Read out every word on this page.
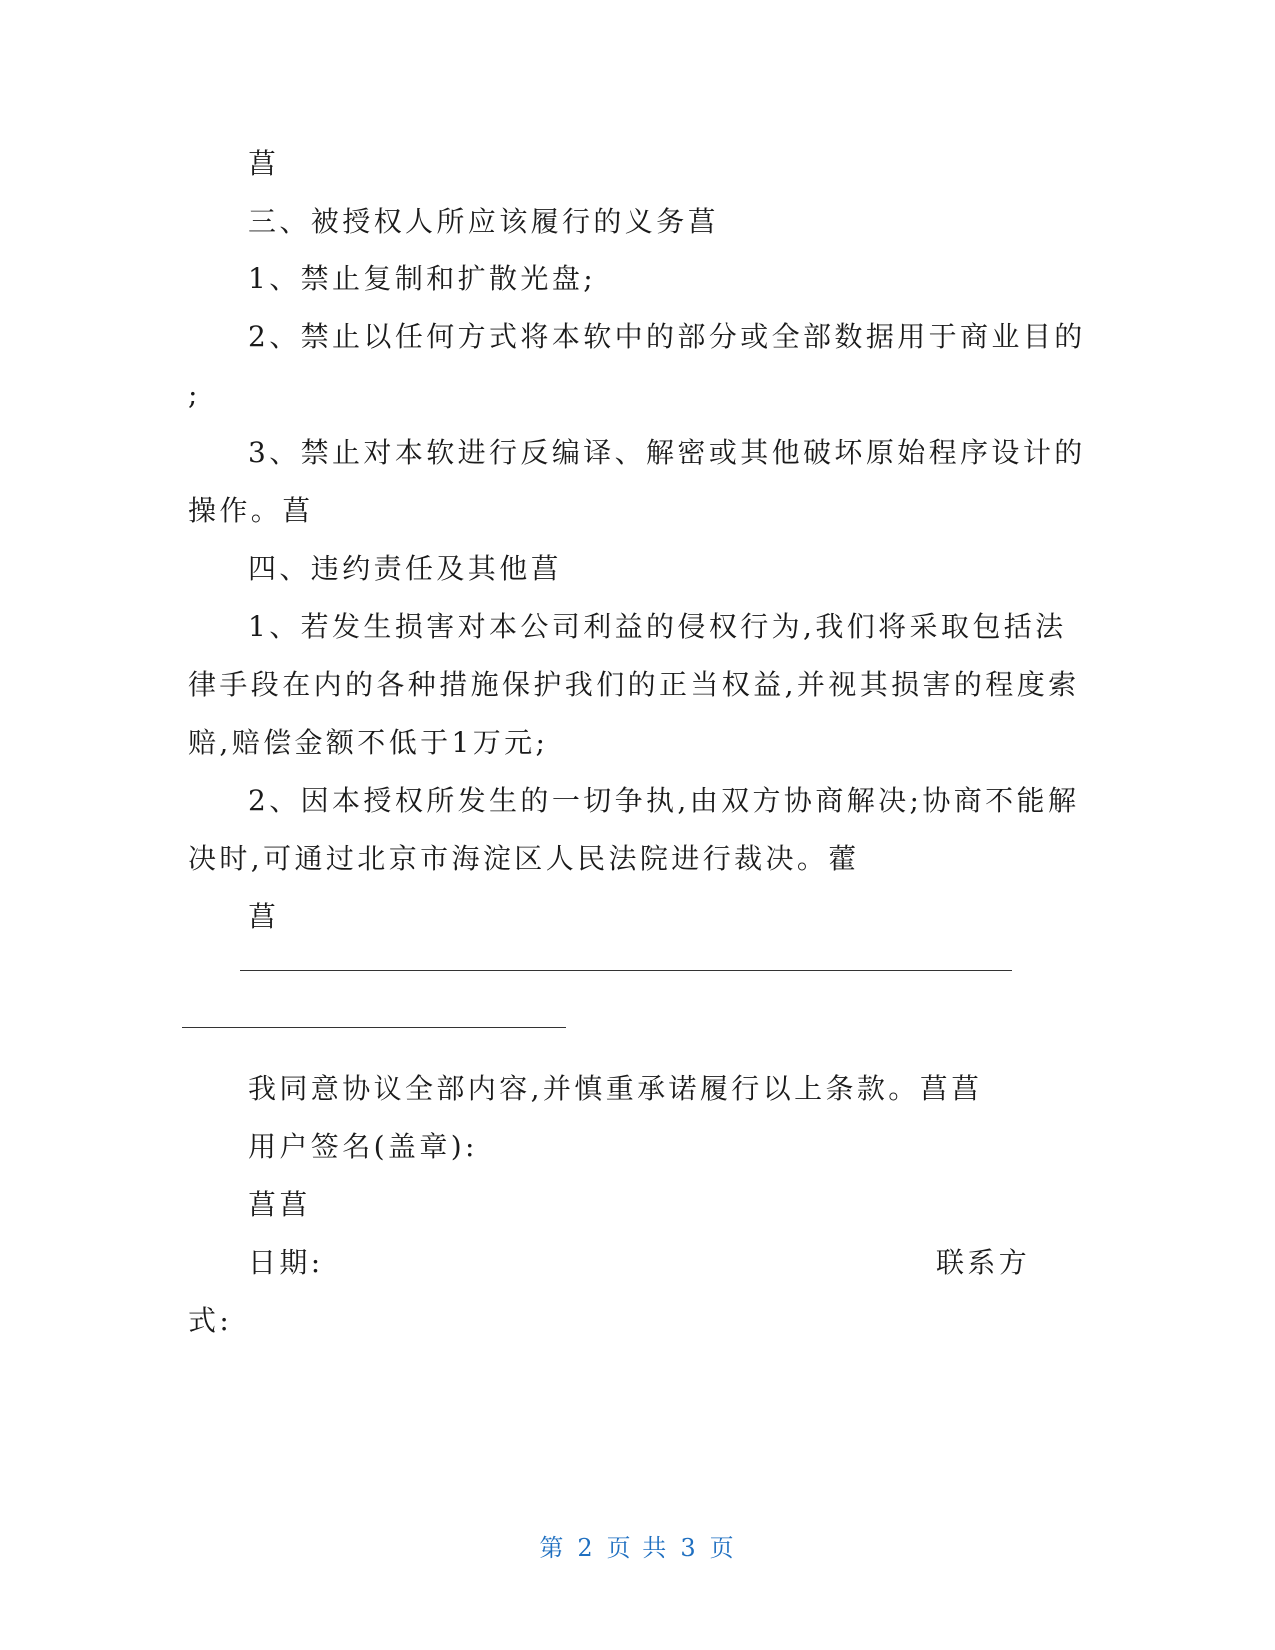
菖
三、被授权人所应该履行的义务菖
1、禁止复制和扩散光盘;
2、禁止以任何方式将本软中的部分或全部数据用于商业目的
;
3、禁止对本软进行反编译、解密或其他破坏原始程序设计的
操作。菖
四、违约责任及其他菖
1、若发生损害对本公司利益的侵权行为,我们将采取包括法
律手段在内的各种措施保护我们的正当权益,并视其损害的程度索
赔,赔偿金额不低于1万元;
2、因本授权所发生的一切争执,由双方协商解决;协商不能解
决时,可通过北京市海淀区人民法院进行裁决。藿
菖
我同意协议全部内容,并慎重承诺履行以上条款。菖菖
用户签名(盖章):
菖菖
日期:	联系方
式:
第 2 页 共 3 页
